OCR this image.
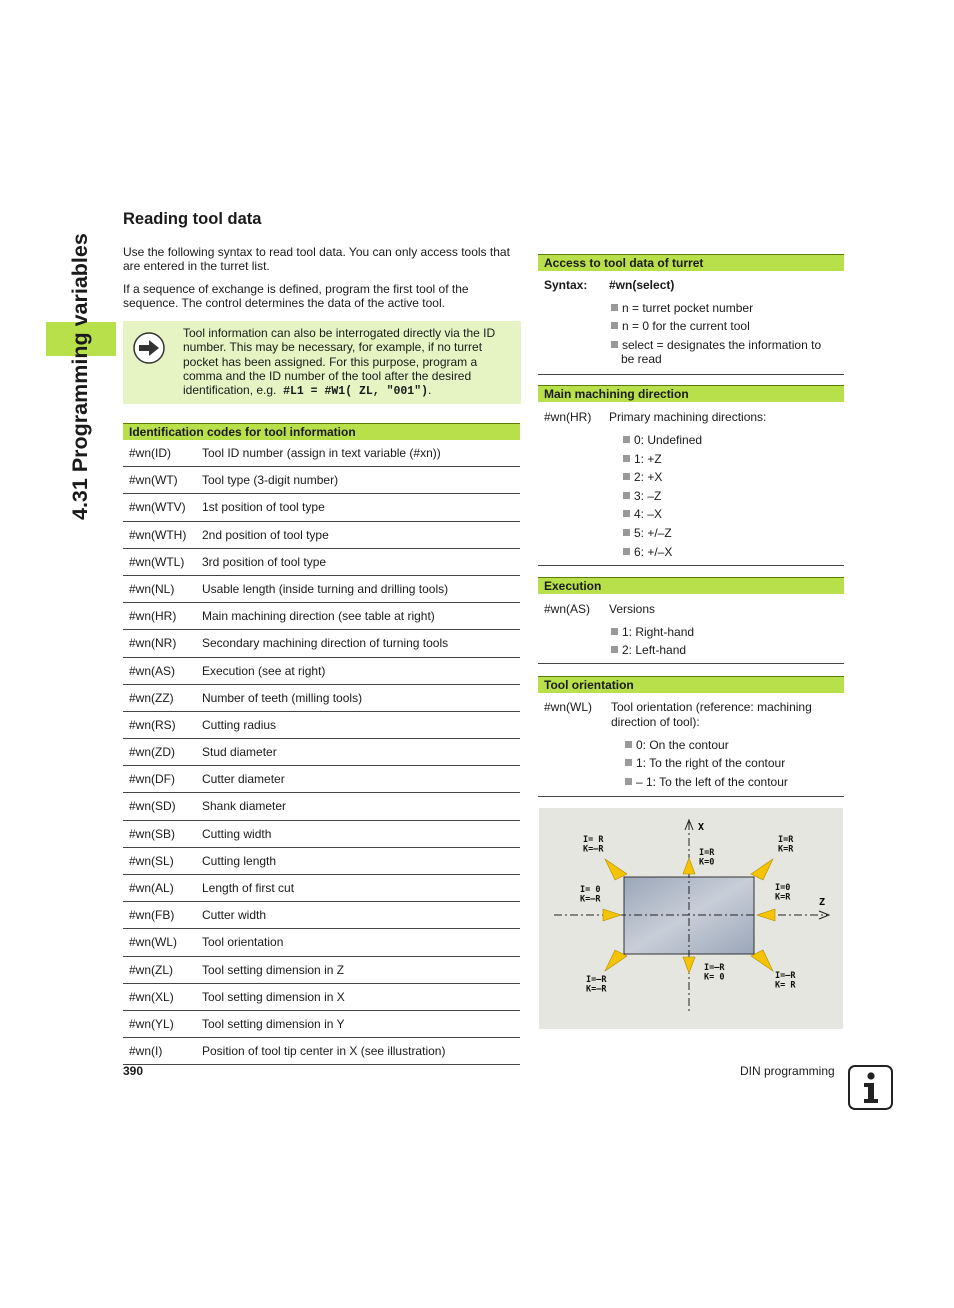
4.31 Programming variables
Reading tool data
Use the following syntax to read tool data. You can only access tools that are entered in the turret list.
If a sequence of exchange is defined, program the first tool of the sequence. The control determines the data of the active tool.
Tool information can also be interrogated directly via the ID
number. This may be necessary, for example, if no turret
pocket has been assigned. For this purpose, program a
comma and the ID number of the tool after the desired
identification, e.g. #L1 = #W1( ZL, "001").
Identification codes for tool information
#wn(ID)	Tool ID number (assign in text variable (#xn))
#wn(WT) Tool type (3-digit number)
#wn(WTV) 1st position of tool type
#wn(WTH) 2nd position of tool type
#wn(WTL) 3rd position of tool type
#wn(NL) Usable length (inside turning and drilling tools)
#wn(HR) Main machining direction (see table at right)
#wn(NR) Secondary machining direction of turning tools
#wn(AS) Execution (see at right)
#wn(ZZ) Number of teeth (milling tools)
#wn(RS) Cutting radius
#wn(ZD) Stud diameter
#wn(DF) Cutter diameter
#wn(SD) Shank diameter
#wn(SB) Cutting width
#wn(SL) Cutting length
#wn(AL) Length of first cut
#wn(FB) Cutter width
#wn(WL) Tool orientation
#wn(ZL) Tool setting dimension in Z
#wn(XL) Tool setting dimension in X
#wn(YL) Tool setting dimension in Y
#wn(I)	Position of tool tip center in X (see illustration)
Access to tool data of turret
Syntax: #wn(select)
n = turret pocket number
n = 0 for the current tool
select = designates the information to
be read
Main machining direction
#wn(HR) Primary machining directions:
0: Undefined
1: +Z
2: +X
3: –Z
4: –X
5: +/–Z
6: +/–X
Execution
#wn(AS) Versions
1: Right-hand
2: Left-hand
Tool orientation
#wn(WL) Tool orientation (reference: machining
direction of tool):
0: On the contour
1: To the right of the contour
– 1: To the left of the contour
X
Z
I= R
K=–R	I=R
K=0
I=R
K=R
I= 0
K=–R
I=0
K=R
I=–R
K=–R
I=–R
K= 0	I=–R
K= R
390	DIN programming
